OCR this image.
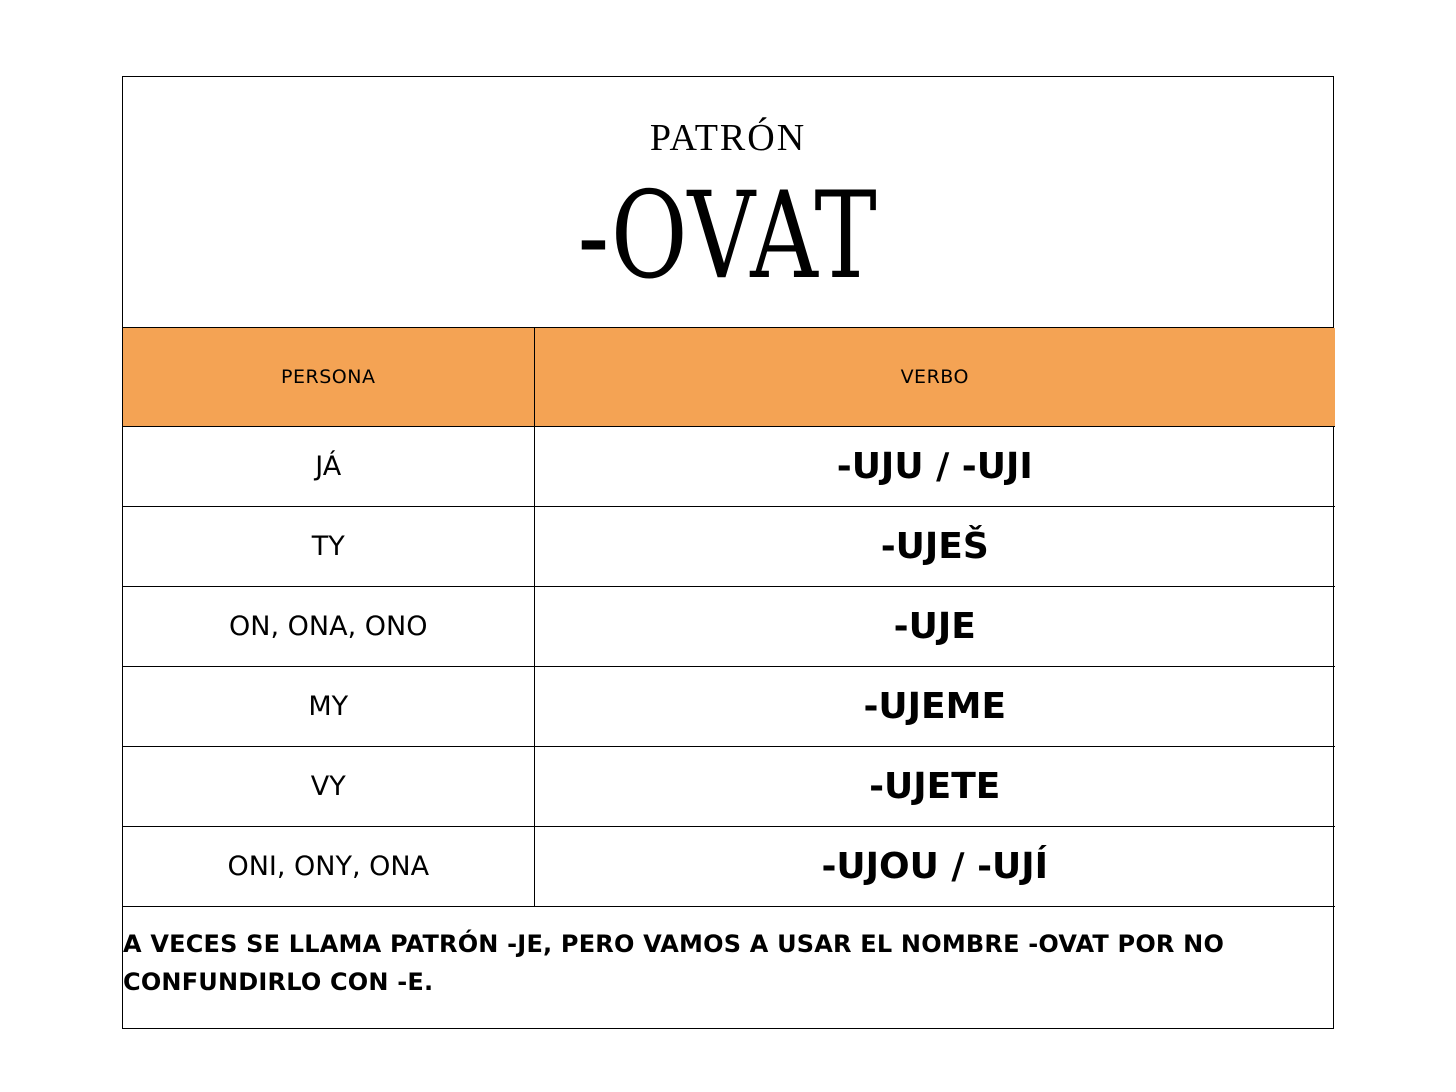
PATRÓN
-OVAT
PERSONA	VERBO
JÁ	-UJU / -UJI
TY	-UJEŠ
ON, ONA, ONO	-UJE
MY	-UJEME
VY	-UJETE
ONI, ONY, ONA	-UJOU / -UJÍ
A VECES SE LLAMA PATRÓN -JE, PERO VAMOS A USAR EL NOMBRE -OVAT POR NO
CONFUNDIRLO CON -E.
